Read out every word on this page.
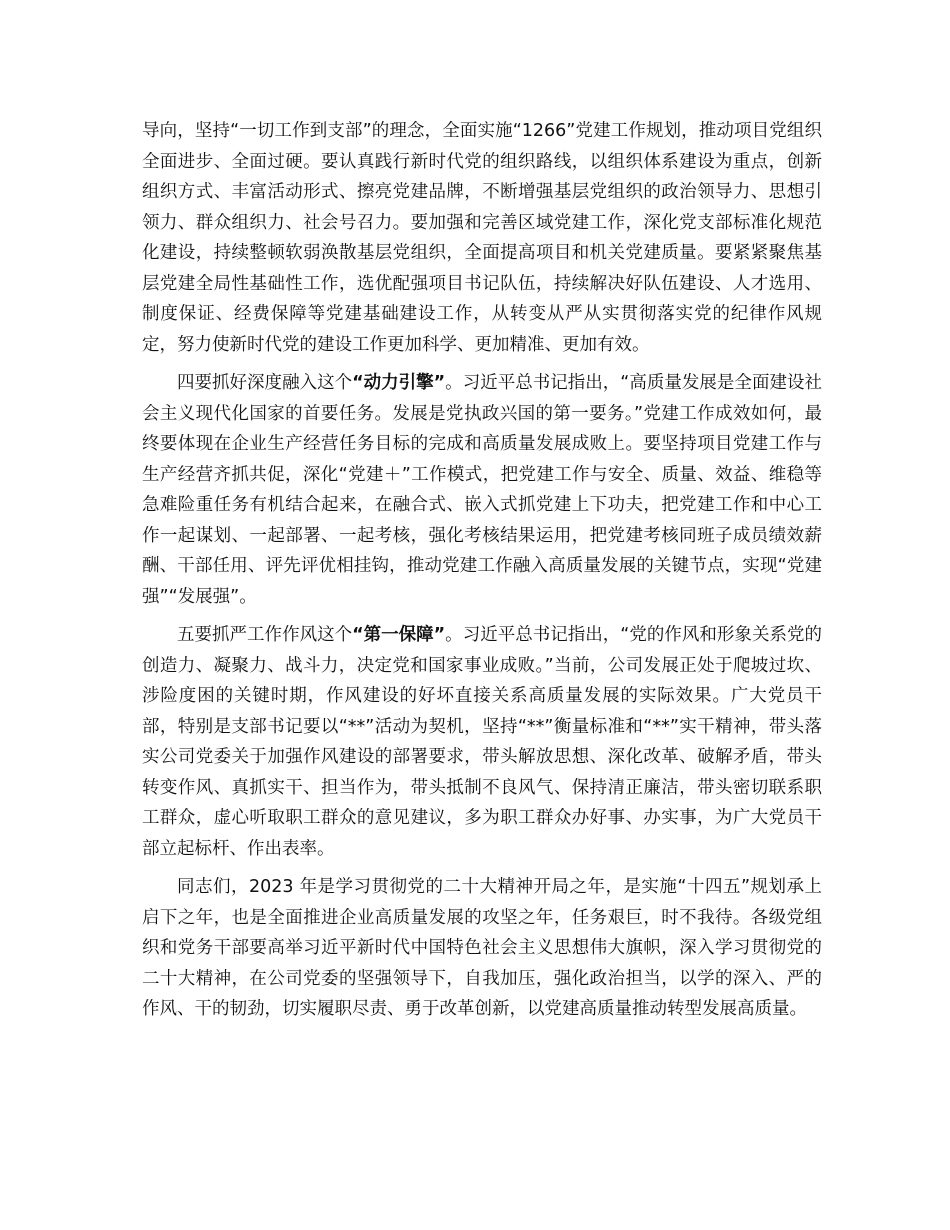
导向，坚持“一切工作到支部”的理念，全面实施“1266”党建工作规划，推动项目党组织全面进步、全面过硬。要认真践行新时代党的组织路线，以组织体系建设为重点，创新组织方式、丰富活动形式、擦亮党建品牌，不断增强基层党组织的政治领导力、思想引领力、群众组织力、社会号召力。要加强和完善区域党建工作，深化党支部标准化规范化建设，持续整顿软弱涣散基层党组织，全面提高项目和机关党建质量。要紧紧聚焦基层党建全局性基础性工作，选优配强项目书记队伍，持续解决好队伍建设、人才选用、制度保证、经费保障等党建基础建设工作，从转变从严从实贯彻落实党的纪律作风规定，努力使新时代党的建设工作更加科学、更加精准、更加有效。

四要抓好深度融入这个“动力引擎”。习近平总书记指出，“高质量发展是全面建设社会主义现代化国家的首要任务。发展是党执政兴国的第一要务。”党建工作成效如何，最终要体现在企业生产经营任务目标的完成和高质量发展成败上。要坚持项目党建工作与生产经营齐抓共促，深化“党建＋”工作模式，把党建工作与安全、质量、效益、维稳等急难险重任务有机结合起来，在融合式、嵌入式抓党建上下功夫，把党建工作和中心工作一起谋划、一起部署、一起考核，强化考核结果运用，把党建考核同班子成员绩效薪酬、干部任用、评先评优相挂钩，推动党建工作融入高质量发展的关键节点，实现“党建强”“发展强”。

五要抓严工作作风这个“第一保障”。习近平总书记指出，“党的作风和形象关系党的创造力、凝聚力、战斗力，决定党和国家事业成败。”当前，公司发展正处于爬坡过坎、涉险度困的关键时期，作风建设的好坏直接关系高质量发展的实际效果。广大党员干部，特别是支部书记要以“**”活动为契机，坚持“**”衡量标准和“**”实干精神，带头落实公司党委关于加强作风建设的部署要求，带头解放思想、深化改革、破解矛盾，带头转变作风、真抓实干、担当作为，带头抵制不良风气、保持清正廉洁，带头密切联系职工群众，虚心听取职工群众的意见建议，多为职工群众办好事、办实事，为广大党员干部立起标杆、作出表率。

同志们，2023 年是学习贯彻党的二十大精神开局之年，是实施“十四五”规划承上启下之年，也是全面推进企业高质量发展的攻坚之年，任务艰巨，时不我待。各级党组织和党务干部要高举习近平新时代中国特色社会主义思想伟大旗帜，深入学习贯彻党的二十大精神，在公司党委的坚强领导下，自我加压，强化政治担当，以学的深入、严的作风、干的韧劲，切实履职尽责、勇于改革创新，以党建高质量推动转型发展高质量。
